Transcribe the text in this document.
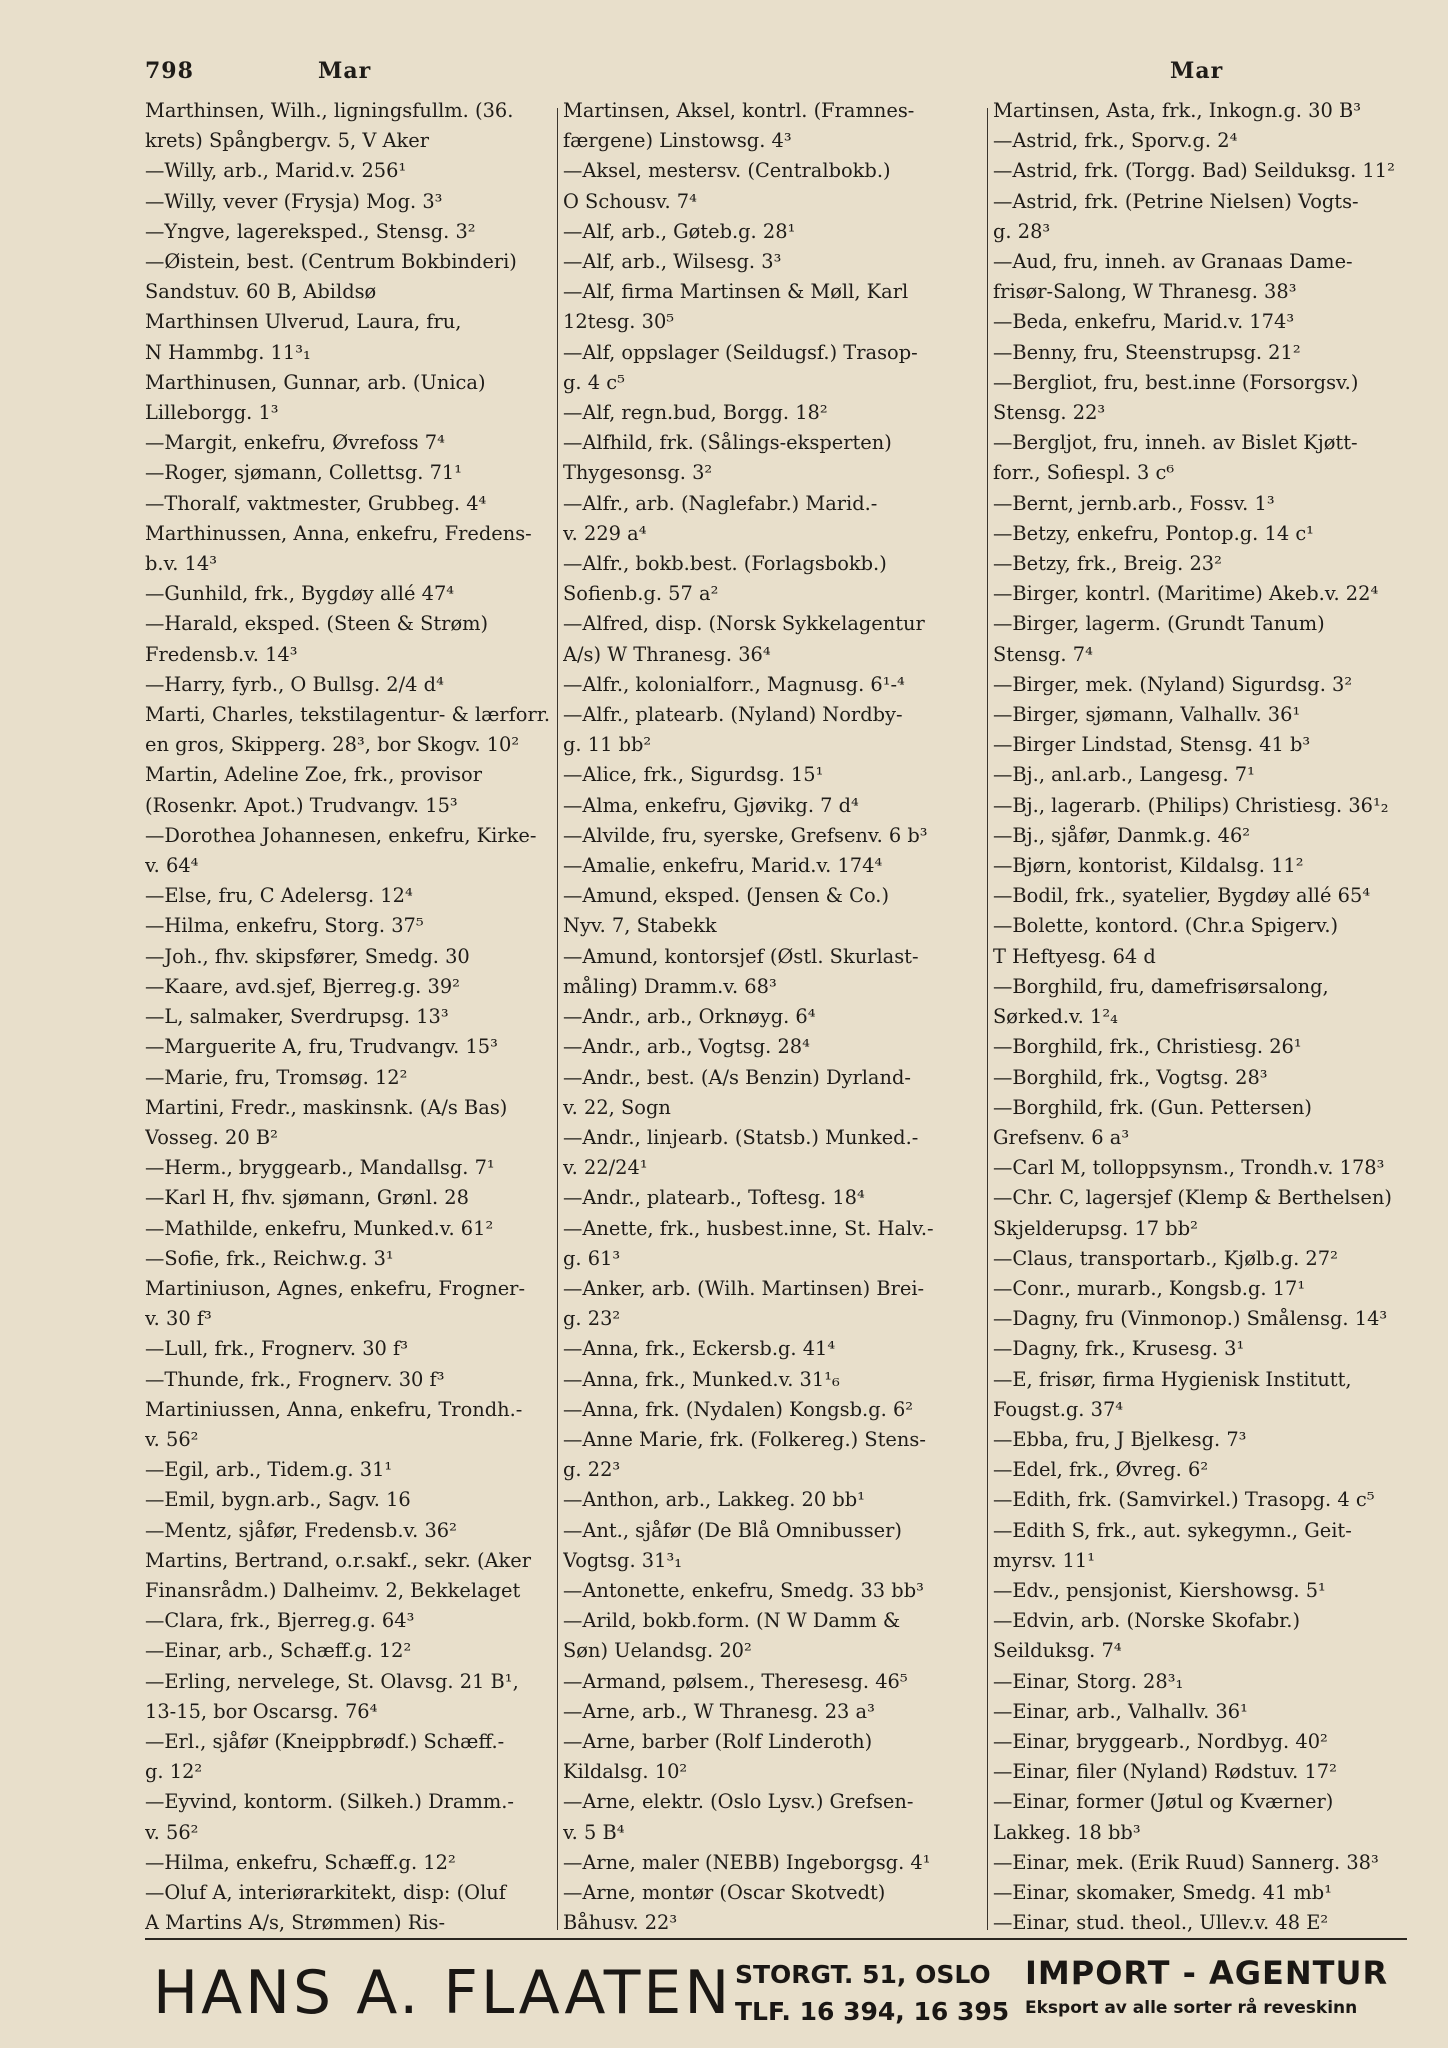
798	Mar	Mar
Marthinsen, Wilh., ligningsfullm. (36.
krets) Spångbergv. 5, V Aker
—Willy, arb., Marid.v. 256¹
—Willy, vever (Frysja) Mog. 3³
—Yngve, lagereksped., Stensg. 3²
—Øistein, best. (Centrum Bokbinderi)
Sandstuv. 60 B, Abildsø
Marthinsen Ulverud, Laura, fru,
N Hammbg. 11³₁
Marthinusen, Gunnar, arb. (Unica)
Lilleborgg. 1³
—Margit, enkefru, Øvrefoss 7⁴
—Roger, sjømann, Collettsg. 71¹
—Thoralf, vaktmester, Grubbeg. 4⁴
Marthinussen, Anna, enkefru, Fredens-
b.v. 14³
—Gunhild, frk., Bygdøy allé 47⁴
—Harald, eksped. (Steen & Strøm)
Fredensb.v. 14³
—Harry, fyrb., O Bullsg. 2/4 d⁴
Marti, Charles, tekstilagentur- & lærforr.
en gros, Skipperg. 28³, bor Skogv. 10²
Martin, Adeline Zoe, frk., provisor
(Rosenkr. Apot.) Trudvangv. 15³
—Dorothea Johannesen, enkefru, Kirke-
v. 64⁴
—Else, fru, C Adelersg. 12⁴
—Hilma, enkefru, Storg. 37⁵
—Joh., fhv. skipsfører, Smedg. 30
—Kaare, avd.sjef, Bjerreg.g. 39²
—L, salmaker, Sverdrupsg. 13³
—Marguerite A, fru, Trudvangv. 15³
—Marie, fru, Tromsøg. 12²
Martini, Fredr., maskinsnk. (A/s Bas)
Vosseg. 20 B²
—Herm., bryggearb., Mandallsg. 7¹
—Karl H, fhv. sjømann, Grønl. 28
—Mathilde, enkefru, Munked.v. 61²
—Sofie, frk., Reichw.g. 3¹
Martiniuson, Agnes, enkefru, Frogner-
v. 30 f³
—Lull, frk., Frognerv. 30 f³
—Thunde, frk., Frognerv. 30 f³
Martiniussen, Anna, enkefru, Trondh.-
v. 56²
—Egil, arb., Tidem.g. 31¹
—Emil, bygn.arb., Sagv. 16
—Mentz, sjåfør, Fredensb.v. 36²
Martins, Bertrand, o.r.sakf., sekr. (Aker
Finansrådm.) Dalheimv. 2, Bekkelaget
—Clara, frk., Bjerreg.g. 64³
—Einar, arb., Schæff.g. 12²
—Erling, nervelege, St. Olavsg. 21 B¹,
13-15, bor Oscarsg. 76⁴
—Erl., sjåfør (Kneippbrødf.) Schæff.-
g. 12²
—Eyvind, kontorm. (Silkeh.) Dramm.-
v. 56²
—Hilma, enkefru, Schæff.g. 12²
—Oluf A, interiørarkitekt, disp: (Oluf
A Martins A/s, Strømmen) Ris-
Martinsen, Aksel, kontrl. (Framnes-
færgene) Linstowsg. 4³
—Aksel, mestersv. (Centralbokb.)
O Schousv. 7⁴
—Alf, arb., Gøteb.g. 28¹
—Alf, arb., Wilsesg. 3³
—Alf, firma Martinsen & Møll, Karl
12tesg. 30⁵
—Alf, oppslager (Seildugsf.) Trasop-
g. 4 c⁵
—Alf, regn.bud, Borgg. 18²
—Alfhild, frk. (Sålings-eksperten)
Thygesonsg. 3²
—Alfr., arb. (Naglefabr.) Marid.-
v. 229 a⁴
—Alfr., bokb.best. (Forlagsbokb.)
Sofienb.g. 57 a²
—Alfred, disp. (Norsk Sykkelagentur
A/s) W Thranesg. 36⁴
—Alfr., kolonialforr., Magnusg. 6¹-⁴
—Alfr., platearb. (Nyland) Nordby-
g. 11 bb²
—Alice, frk., Sigurdsg. 15¹
—Alma, enkefru, Gjøvikg. 7 d⁴
—Alvilde, fru, syerske, Grefsenv. 6 b³
—Amalie, enkefru, Marid.v. 174⁴
—Amund, eksped. (Jensen & Co.)
Nyv. 7, Stabekk
—Amund, kontorsjef (Østl. Skurlast-
måling) Dramm.v. 68³
—Andr., arb., Orknøyg. 6⁴
—Andr., arb., Vogtsg. 28⁴
—Andr., best. (A/s Benzin) Dyrland-
v. 22, Sogn
—Andr., linjearb. (Statsb.) Munked.-
v. 22/24¹
—Andr., platearb., Toftesg. 18⁴
—Anette, frk., husbest.inne, St. Halv.-
g. 61³
—Anker, arb. (Wilh. Martinsen) Brei-
g. 23²
—Anna, frk., Eckersb.g. 41⁴
—Anna, frk., Munked.v. 31¹₆
—Anna, frk. (Nydalen) Kongsb.g. 6²
—Anne Marie, frk. (Folkereg.) Stens-
g. 22³
—Anthon, arb., Lakkeg. 20 bb¹
—Ant., sjåfør (De Blå Omnibusser)
Vogtsg. 31³₁
—Antonette, enkefru, Smedg. 33 bb³
—Arild, bokb.form. (N W Damm &
Søn) Uelandsg. 20²
—Armand, pølsem., Theresesg. 46⁵
—Arne, arb., W Thranesg. 23 a³
—Arne, barber (Rolf Linderoth)
Kildalsg. 10²
—Arne, elektr. (Oslo Lysv.) Grefsen-
v. 5 B⁴
—Arne, maler (NEBB) Ingeborgsg. 4¹
—Arne, montør (Oscar Skotvedt)
Båhusv. 22³
Martinsen, Asta, frk., Inkogn.g. 30 B³
—Astrid, frk., Sporv.g. 2⁴
—Astrid, frk. (Torgg. Bad) Seilduksg. 11²
—Astrid, frk. (Petrine Nielsen) Vogts-
g. 28³
—Aud, fru, inneh. av Granaas Dame-
frisør-Salong, W Thranesg. 38³
—Beda, enkefru, Marid.v. 174³
—Benny, fru, Steenstrupsg. 21²
—Bergliot, fru, best.inne (Forsorgsv.)
Stensg. 22³
—Bergljot, fru, inneh. av Bislet Kjøtt-
forr., Sofiespl. 3 c⁶
—Bernt, jernb.arb., Fossv. 1³
—Betzy, enkefru, Pontop.g. 14 c¹
—Betzy, frk., Breig. 23²
—Birger, kontrl. (Maritime) Akeb.v. 22⁴
—Birger, lagerm. (Grundt Tanum)
Stensg. 7⁴
—Birger, mek. (Nyland) Sigurdsg. 3²
—Birger, sjømann, Valhallv. 36¹
—Birger Lindstad, Stensg. 41 b³
—Bj., anl.arb., Langesg. 7¹
—Bj., lagerarb. (Philips) Christiesg. 36¹₂
—Bj., sjåfør, Danmk.g. 46²
—Bjørn, kontorist, Kildalsg. 11²
—Bodil, frk., syatelier, Bygdøy allé 65⁴
—Bolette, kontord. (Chr.a Spigerv.)
T Heftyesg. 64 d
—Borghild, fru, damefrisørsalong,
Sørked.v. 1²₄
—Borghild, frk., Christiesg. 26¹
—Borghild, frk., Vogtsg. 28³
—Borghild, frk. (Gun. Pettersen)
Grefsenv. 6 a³
—Carl M, tolloppsynsm., Trondh.v. 178³
—Chr. C, lagersjef (Klemp & Berthelsen)
Skjelderupsg. 17 bb²
—Claus, transportarb., Kjølb.g. 27²
—Conr., murarb., Kongsb.g. 17¹
—Dagny, fru (Vinmonop.) Smålensg. 14³
—Dagny, frk., Krusesg. 3¹
—E, frisør, firma Hygienisk Institutt,
Fougst.g. 37⁴
—Ebba, fru, J Bjelkesg. 7³
—Edel, frk., Øvreg. 6²
—Edith, frk. (Samvirkel.) Trasopg. 4 c⁵
—Edith S, frk., aut. sykegymn., Geit-
myrsv. 11¹
—Edv., pensjonist, Kiershowsg. 5¹
—Edvin, arb. (Norske Skofabr.)
Seilduksg. 7⁴
—Einar, Storg. 28³₁
—Einar, arb., Valhallv. 36¹
—Einar, bryggearb., Nordbyg. 40²
—Einar, filer (Nyland) Rødstuv. 17²
—Einar, former (Jøtul og Kværner)
Lakkeg. 18 bb³
—Einar, mek. (Erik Ruud) Sannerg. 38³
—Einar, skomaker, Smedg. 41 mb¹
—Einar, stud. theol., Ullev.v. 48 E²
HANS A. FLAATEN STORGT. 51, OSLO
TLF. 16 394, 16 395
IMPORT - AGENTUR
Eksport av alle sorter rå reveskinn
